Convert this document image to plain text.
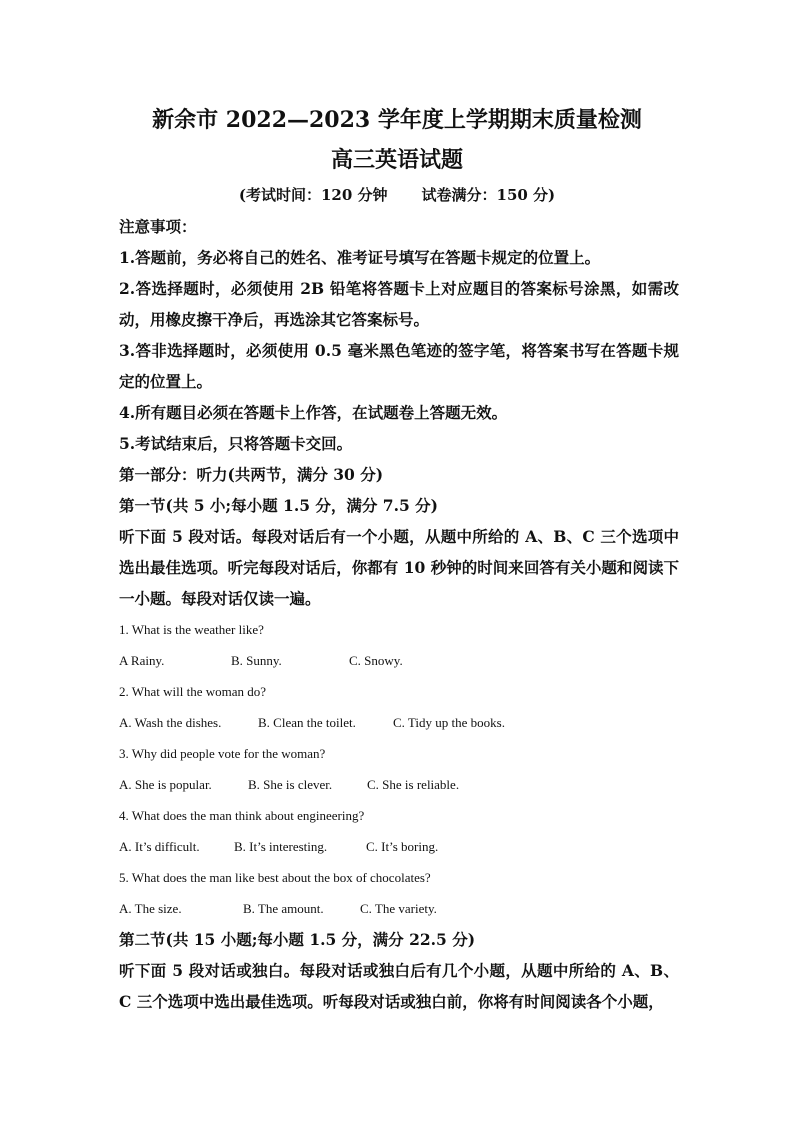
新余市 2022—2023 学年度上学期期末质量检测
高三英语试题
(考试时间：120 分钟 试卷满分：150 分)

注意事项：

1.答题前，务必将自己的姓名、准考证号填写在答题卡规定的位置上。

2.答选择题时，必须使用 2B 铅笔将答题卡上对应题目的答案标号涂黑，如需改动，用橡皮擦干净后，再选涂其它答案标号。

3.答非选择题时，必须使用 0.5 毫米黑色笔迹的签字笔，将答案书写在答题卡规定的位置上。

4.所有题目必须在答题卡上作答，在试题卷上答题无效。

5.考试结束后，只将答题卡交回。

第一部分：听力(共两节，满分 30 分)

第一节(共 5 小;每小题 1.5 分，满分 7.5 分)

听下面 5 段对话。每段对话后有一个小题，从题中所给的 A、B、C 三个选项中选出最佳选项。听完每段对话后，你都有 10 秒钟的时间来回答有关小题和阅读下一小题。每段对话仅读一遍。

1. What is the weather like?

A Rainy.	B. Sunny.	C. Snowy.

2. What will the woman do?

A. Wash the dishes.	B. Clean the toilet.	C. Tidy up the books.

3. Why did people vote for the woman?

A. She is popular.	B. She is clever.	C. She is reliable.

4. What does the man think about engineering?

A. It’s difficult.	B. It’s interesting.	C. It’s boring.

5. What does the man like best about the box of chocolates?

A. The size.	B. The amount.	C. The variety.

第二节(共 15 小题;每小题 1.5 分，满分 22.5 分)

听下面 5 段对话或独白。每段对话或独白后有几个小题，从题中所给的 A、B、C 三个选项中选出最佳选项。听每段对话或独白前，你将有时间阅读各个小题，
